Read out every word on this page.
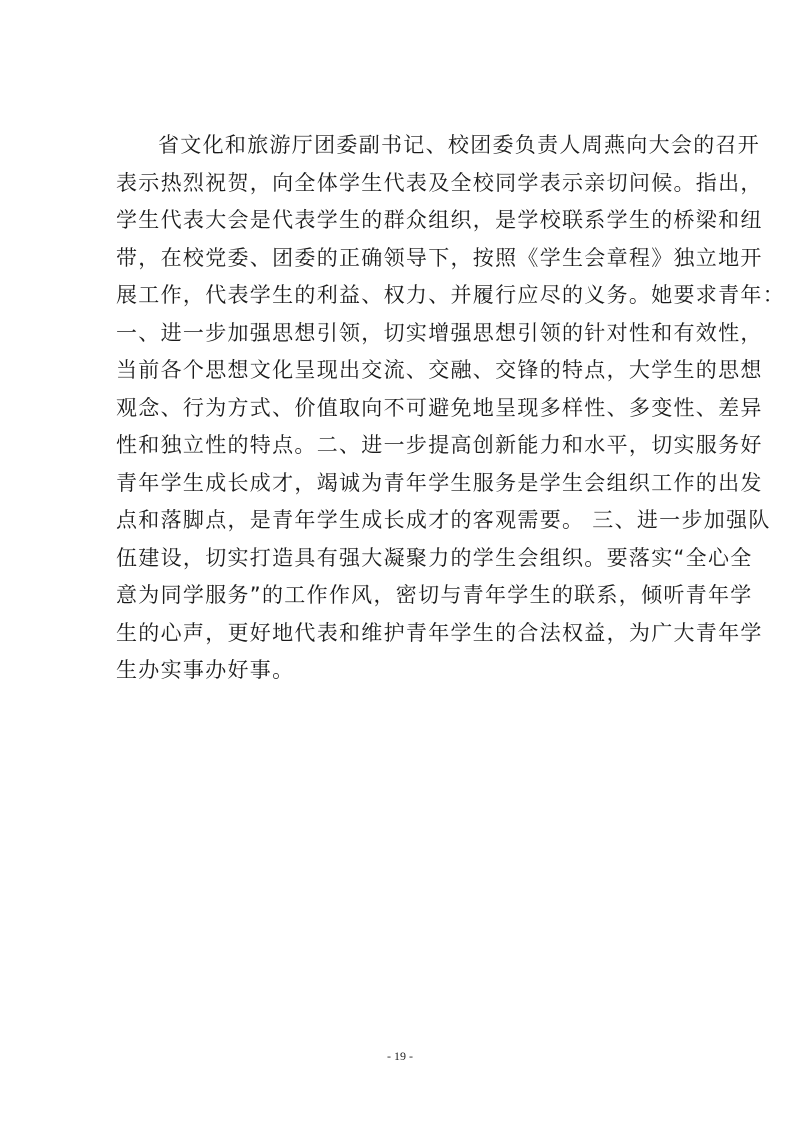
省文化和旅游厅团委副书记、校团委负责人周燕向大会的召开
表示热烈祝贺，向全体学生代表及全校同学表示亲切问候。指出，
学生代表大会是代表学生的群众组织，是学校联系学生的桥梁和纽
带，在校党委、团委的正确领导下，按照《学生会章程》独立地开
展工作，代表学生的利益、权力、并履行应尽的义务。她要求青年：
一、进一步加强思想引领，切实增强思想引领的针对性和有效性，
当前各个思想文化呈现出交流、交融、交锋的特点，大学生的思想
观念、行为方式、价值取向不可避免地呈现多样性、多变性、差异
性和独立性的特点。二、进一步提高创新能力和水平，切实服务好
青年学生成长成才，竭诚为青年学生服务是学生会组织工作的出发
点和落脚点，是青年学生成长成才的客观需要。 三、进一步加强队
伍建设，切实打造具有强大凝聚力的学生会组织。要落实“全心全
意为同学服务”的工作作风，密切与青年学生的联系，倾听青年学
生的心声，更好地代表和维护青年学生的合法权益，为广大青年学
生办实事办好事。
- 19 -
